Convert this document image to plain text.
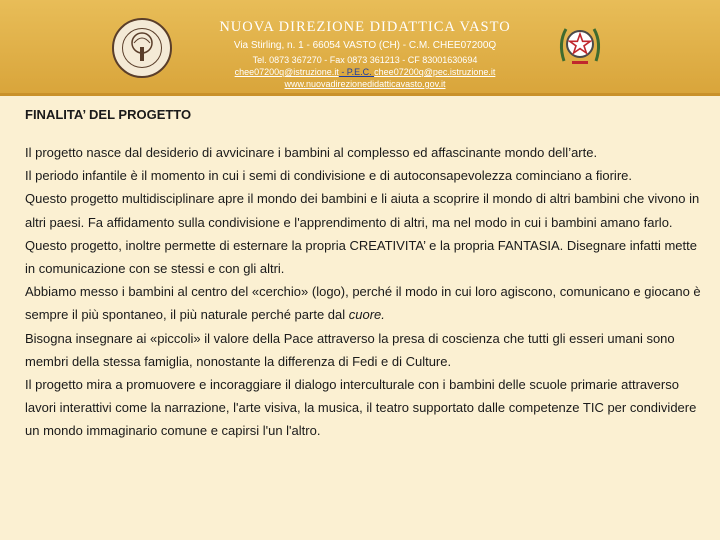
NUOVA DIREZIONE DIDATTICA VASTO
Via Stirling, n. 1 - 66054 VASTO (CH) - C.M. CHEE07200Q
Tel. 0873 367270 - Fax 0873 361213 - CF 83001630694
chee07200q@istruzione.it - P.E.C. chee07200q@pec.istruzione.it
www.nuovadirezionedidatticavasto.gov.it
FINALITA’ DEL PROGETTO

Il progetto nasce dal desiderio di avvicinare i bambini al complesso ed affascinante mondo dell’arte.

Il periodo infantile è il momento in cui i semi di condivisione e di autoconsapevolezza cominciano a fiorire.

Questo progetto multidisciplinare apre il mondo dei bambini e li aiuta a scoprire il mondo di altri bambini che vivono in altri paesi. Fa affidamento sulla condivisione e l'apprendimento di altri, ma nel modo in cui i bambini amano farlo.

Questo progetto, inoltre permette di esternare la propria CREATIVITA’ e la propria FANTASIA. Disegnare infatti mette in comunicazione con se stessi e con gli altri.

Abbiamo messo i bambini al centro del «cerchio» (logo), perché il modo in cui loro agiscono, comunicano e giocano è sempre il più spontaneo, il più naturale perché parte dal cuore.

Bisogna insegnare ai «piccoli» il valore della Pace attraverso la presa di coscienza che tutti gli esseri umani sono membri della stessa famiglia, nonostante la differenza di Fedi e di Culture.

Il progetto mira a promuovere e incoraggiare il dialogo interculturale con i bambini delle scuole primarie attraverso lavori interattivi come la narrazione, l'arte visiva, la musica, il teatro supportato dalle competenze TIC per condividere un mondo immaginario comune e capirsi l'un l'altro.
